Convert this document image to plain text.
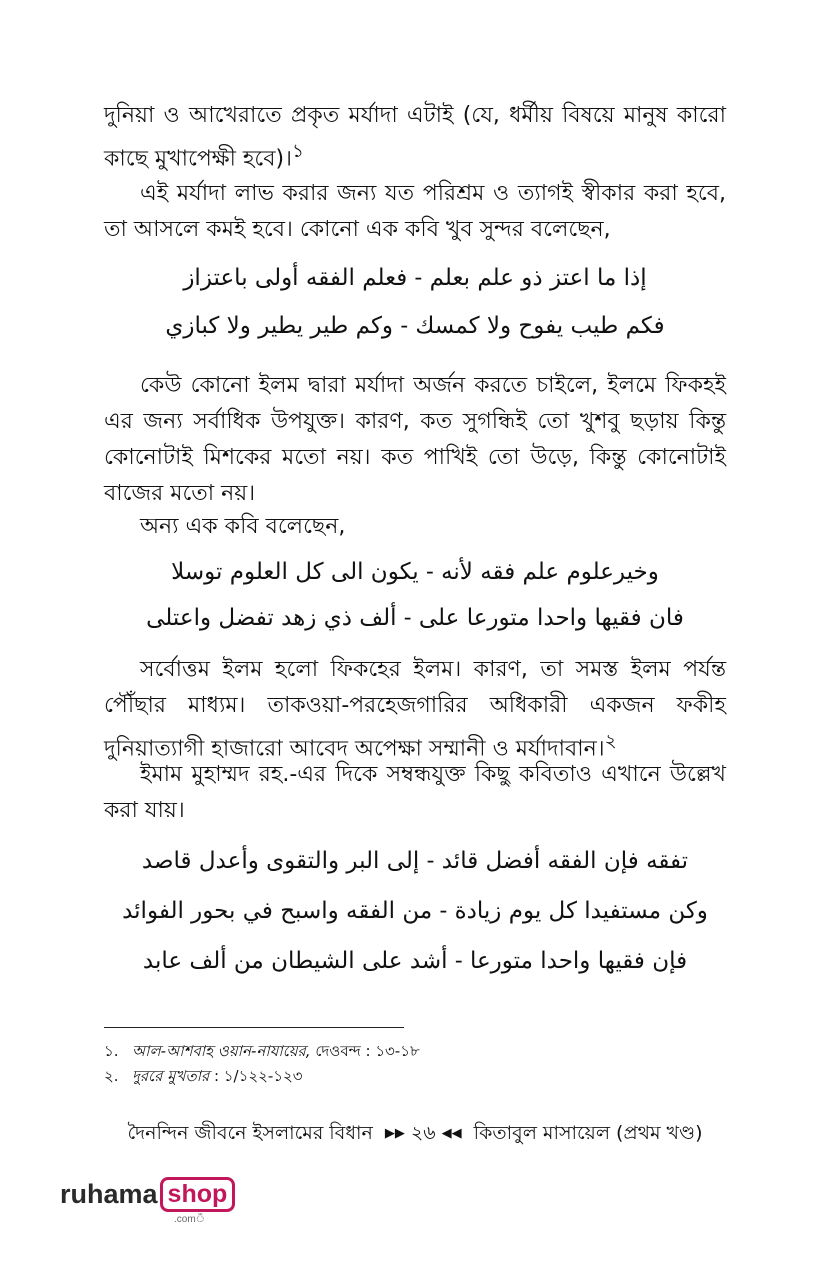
দুনিয়া ও আখেরাতে প্রকৃত মর্যাদা এটাই (যে, ধর্মীয় বিষয়ে মানুষ কারো কাছে মুখাপেক্ষী হবে)।$^১$

এই মর্যাদা লাভ করার জন্য যত পরিশ্রম ও ত্যাগই স্বীকার করা হবে, তা আসলে কমই হবে। কোনো এক কবি খুব সুন্দর বলেছেন,

إذا ما اعتز ذو علم بعلم - فعلم الفقه أولى باعتزاز

فكم طيب يفوح ولا كمسك - وكم طير يطير ولا كبازي

কেউ কোনো ইলম দ্বারা মর্যাদা অর্জন করতে চাইলে, ইলমে ফিকহই এর জন্য সর্বাধিক উপযুক্ত। কারণ, কত সুগন্ধিই তো খুশবু ছড়ায় কিন্তু কোনোটাই মিশকের মতো নয়। কত পাখিই তো উড়ে, কিন্তু কোনোটাই বাজের মতো নয়।

অন্য এক কবি বলেছেন,

وخيرعلوم علم فقه لأنه - يكون الى كل العلوم توسلا

فان فقيها واحدا متورعا على - ألف ذي زهد تفضل واعتلى

সর্বোত্তম ইলম হলো ফিকহের ইলম। কারণ, তা সমস্ত ইলম পর্যন্ত পৌঁছার মাধ্যম। তাকওয়া-পরহেজগারির অধিকারী একজন ফকীহ দুনিয়াত্যাগী হাজারো আবেদ অপেক্ষা সম্মানী ও মর্যাদাবান।$^২$

ইমাম মুহাম্মদ রহ.-এর দিকে সম্বন্ধযুক্ত কিছু কবিতাও এখানে উল্লেখ করা যায়।

تفقه فإن الفقه أفضل قائد - إلى البر والتقوى وأعدل قاصد

وكن مستفيدا كل يوم زيادة - من الفقه واسبح في بحور الفوائد

فإن فقيها واحدا متورعا - أشد على الشيطان من ألف عابد

১. আল-আশবাহ ওয়ান-নাযায়ের, দেওবন্দ : ১৩-১৮
২. দুররে মুখতার : ১/১২২-১২৩
দৈনন্দিন জীবনে ইসলামের বিধান ▶▶ ২৬ ◀◀ কিতাবুল মাসায়েল (প্রথম খণ্ড)
ruhama shop
.comঁ
